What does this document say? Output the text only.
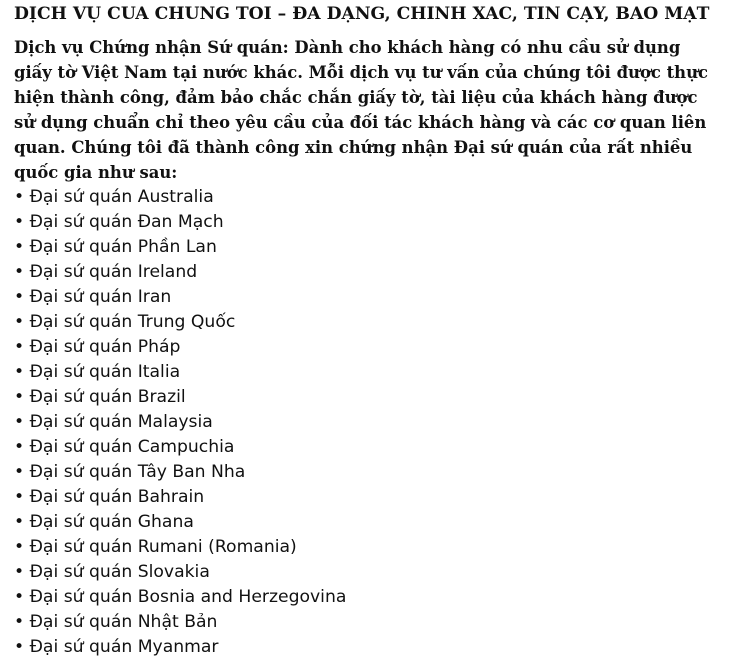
DỊCH VỤ CUA CHUNG TOI – ĐA DẠNG, CHINH XAC, TIN CẠY, BAO MẠT

Dịch vụ Chứng nhận Sứ quán: Dành cho khách hàng có nhu cầu sử dụng giấy tờ Việt Nam tại nước khác. Mỗi dịch vụ tư vấn của chúng tôi được thực hiện thành công, đảm bảo chắc chắn giấy tờ, tài liệu của khách hàng được sử dụng chuẩn chỉ theo yêu cầu của đối tác khách hàng và các cơ quan liên quan. Chúng tôi đã thành công xin chứng nhận Đại sứ quán của rất nhiều quốc gia như sau:

• Đại sứ quán Australia
• Đại sứ quán Đan Mạch
• Đại sứ quán Phần Lan
• Đại sứ quán Ireland
• Đại sứ quán Iran
• Đại sứ quán Trung Quốc
• Đại sứ quán Pháp
• Đại sứ quán Italia
• Đại sứ quán Brazil
• Đại sứ quán Malaysia
• Đại sứ quán Campuchia
• Đại sứ quán Tây Ban Nha
• Đại sứ quán Bahrain
• Đại sứ quán Ghana
• Đại sứ quán Rumani (Romania)
• Đại sứ quán Slovakia
• Đại sứ quán Bosnia and Herzegovina
• Đại sứ quán Nhật Bản
• Đại sứ quán Myanmar
